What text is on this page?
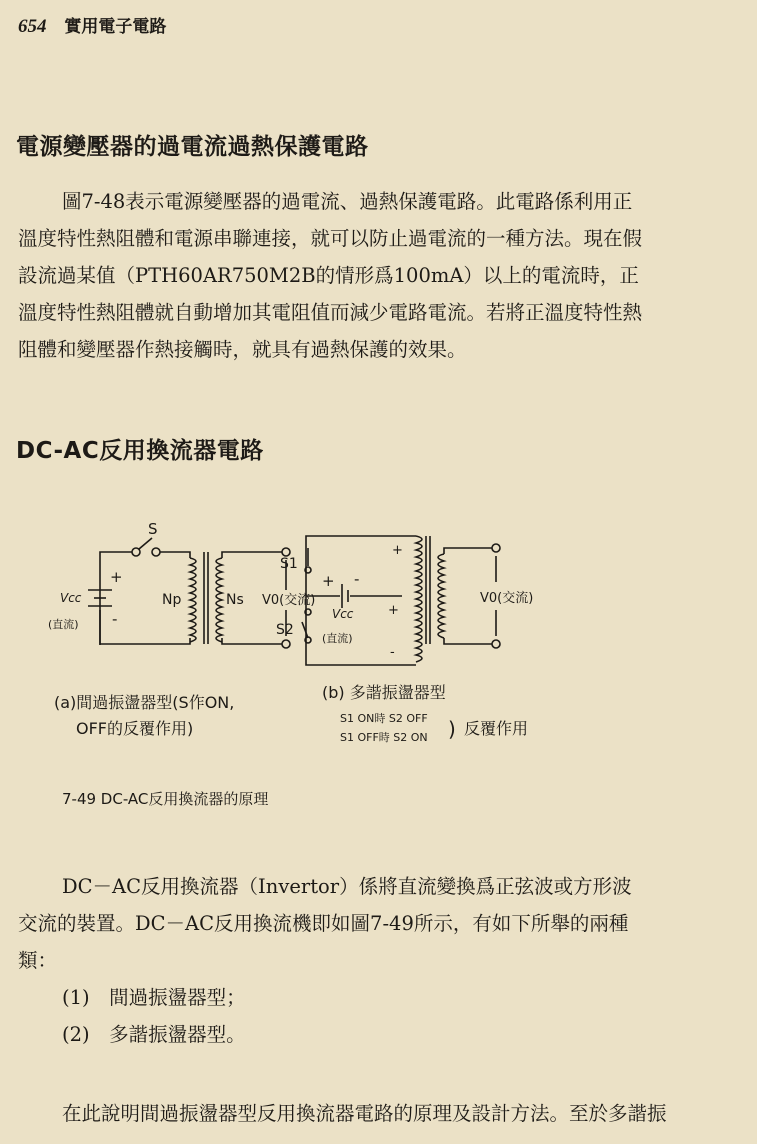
654 實用電子電路
電源變壓器的過電流過熱保護電路
圖7-48表示電源變壓器的過電流、過熱保護電路。此電路係利用正
溫度特性熱阻體和電源串聯連接，就可以防止過電流的一種方法。現在假
設流過某值（PTH60AR750M2B的情形爲100mA）以上的電流時，正
溫度特性熱阻體就自動增加其電阻值而減少電路電流。若將正溫度特性熱
阻體和變壓器作熱接觸時，就具有過熱保護的效果。
DC-AC反用換流器電路
S
+
-
Vcc
(直流)
Np	Ns V0(交流)
S1
S2
+ -
+
+
-
Vcc
(直流)
V0(交流)
(a)間過振盪器型(S作ON,
OFF的反覆作用)
(b) 多諧振盪器型
S1 ON時 S2 OFF
S1 OFF時 S2 ON ) 反覆作用
7-49 DC-AC反用換流器的原理
DC－AC反用換流器（Invertor）係將直流變換爲正弦波或方形波
交流的裝置。DC－AC反用換流機即如圖7-49所示，有如下所舉的兩種
類：
(1)　間過振盪器型；
(2)　多諧振盪器型。
在此說明間過振盪器型反用換流器電路的原理及設計方法。至於多諧振
